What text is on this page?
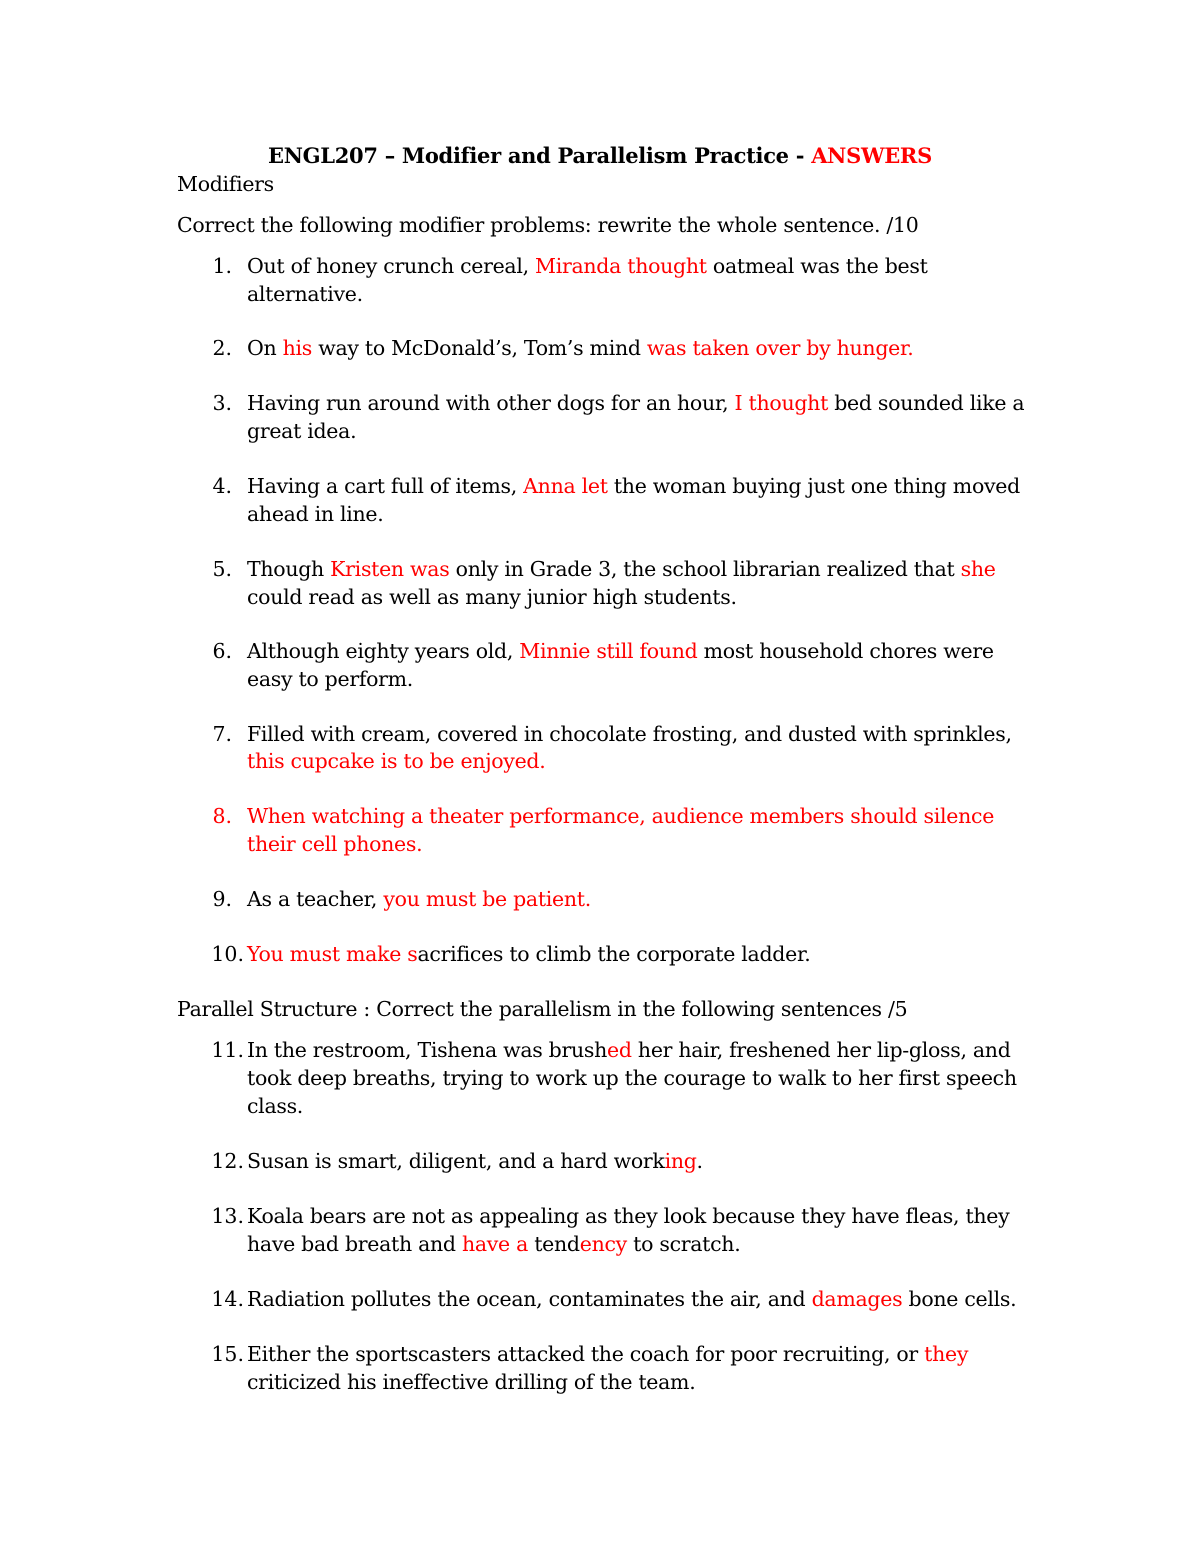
ENGL207 – Modifier and Parallelism Practice - ANSWERS
Modifiers
Correct the following modifier problems: rewrite the whole sentence. /10
1. Out of honey crunch cereal, Miranda thought oatmeal was the best
alternative.
2. On his way to McDonald’s, Tom’s mind was taken over by hunger.
3. Having run around with other dogs for an hour, I thought bed sounded like a
great idea.
4. Having a cart full of items, Anna let the woman buying just one thing moved
ahead in line.
5. Though Kristen was only in Grade 3, the school librarian realized that she
could read as well as many junior high students.
6. Although eighty years old, Minnie still found most household chores were
easy to perform.
7. Filled with cream, covered in chocolate frosting, and dusted with sprinkles,
this cupcake is to be enjoyed.
8. When watching a theater performance, audience members should silence
their cell phones.
9. As a teacher, you must be patient.
10. You must make sacrifices to climb the corporate ladder.
Parallel Structure : Correct the parallelism in the following sentences /5
11. In the restroom, Tishena was brushed her hair, freshened her lip-gloss, and
took deep breaths, trying to work up the courage to walk to her first speech
class.
12. Susan is smart, diligent, and a hard working.
13. Koala bears are not as appealing as they look because they have fleas, they
have bad breath and have a tendency to scratch.
14. Radiation pollutes the ocean, contaminates the air, and damages bone cells.
15. Either the sportscasters attacked the coach for poor recruiting, or they
criticized his ineffective drilling of the team.
